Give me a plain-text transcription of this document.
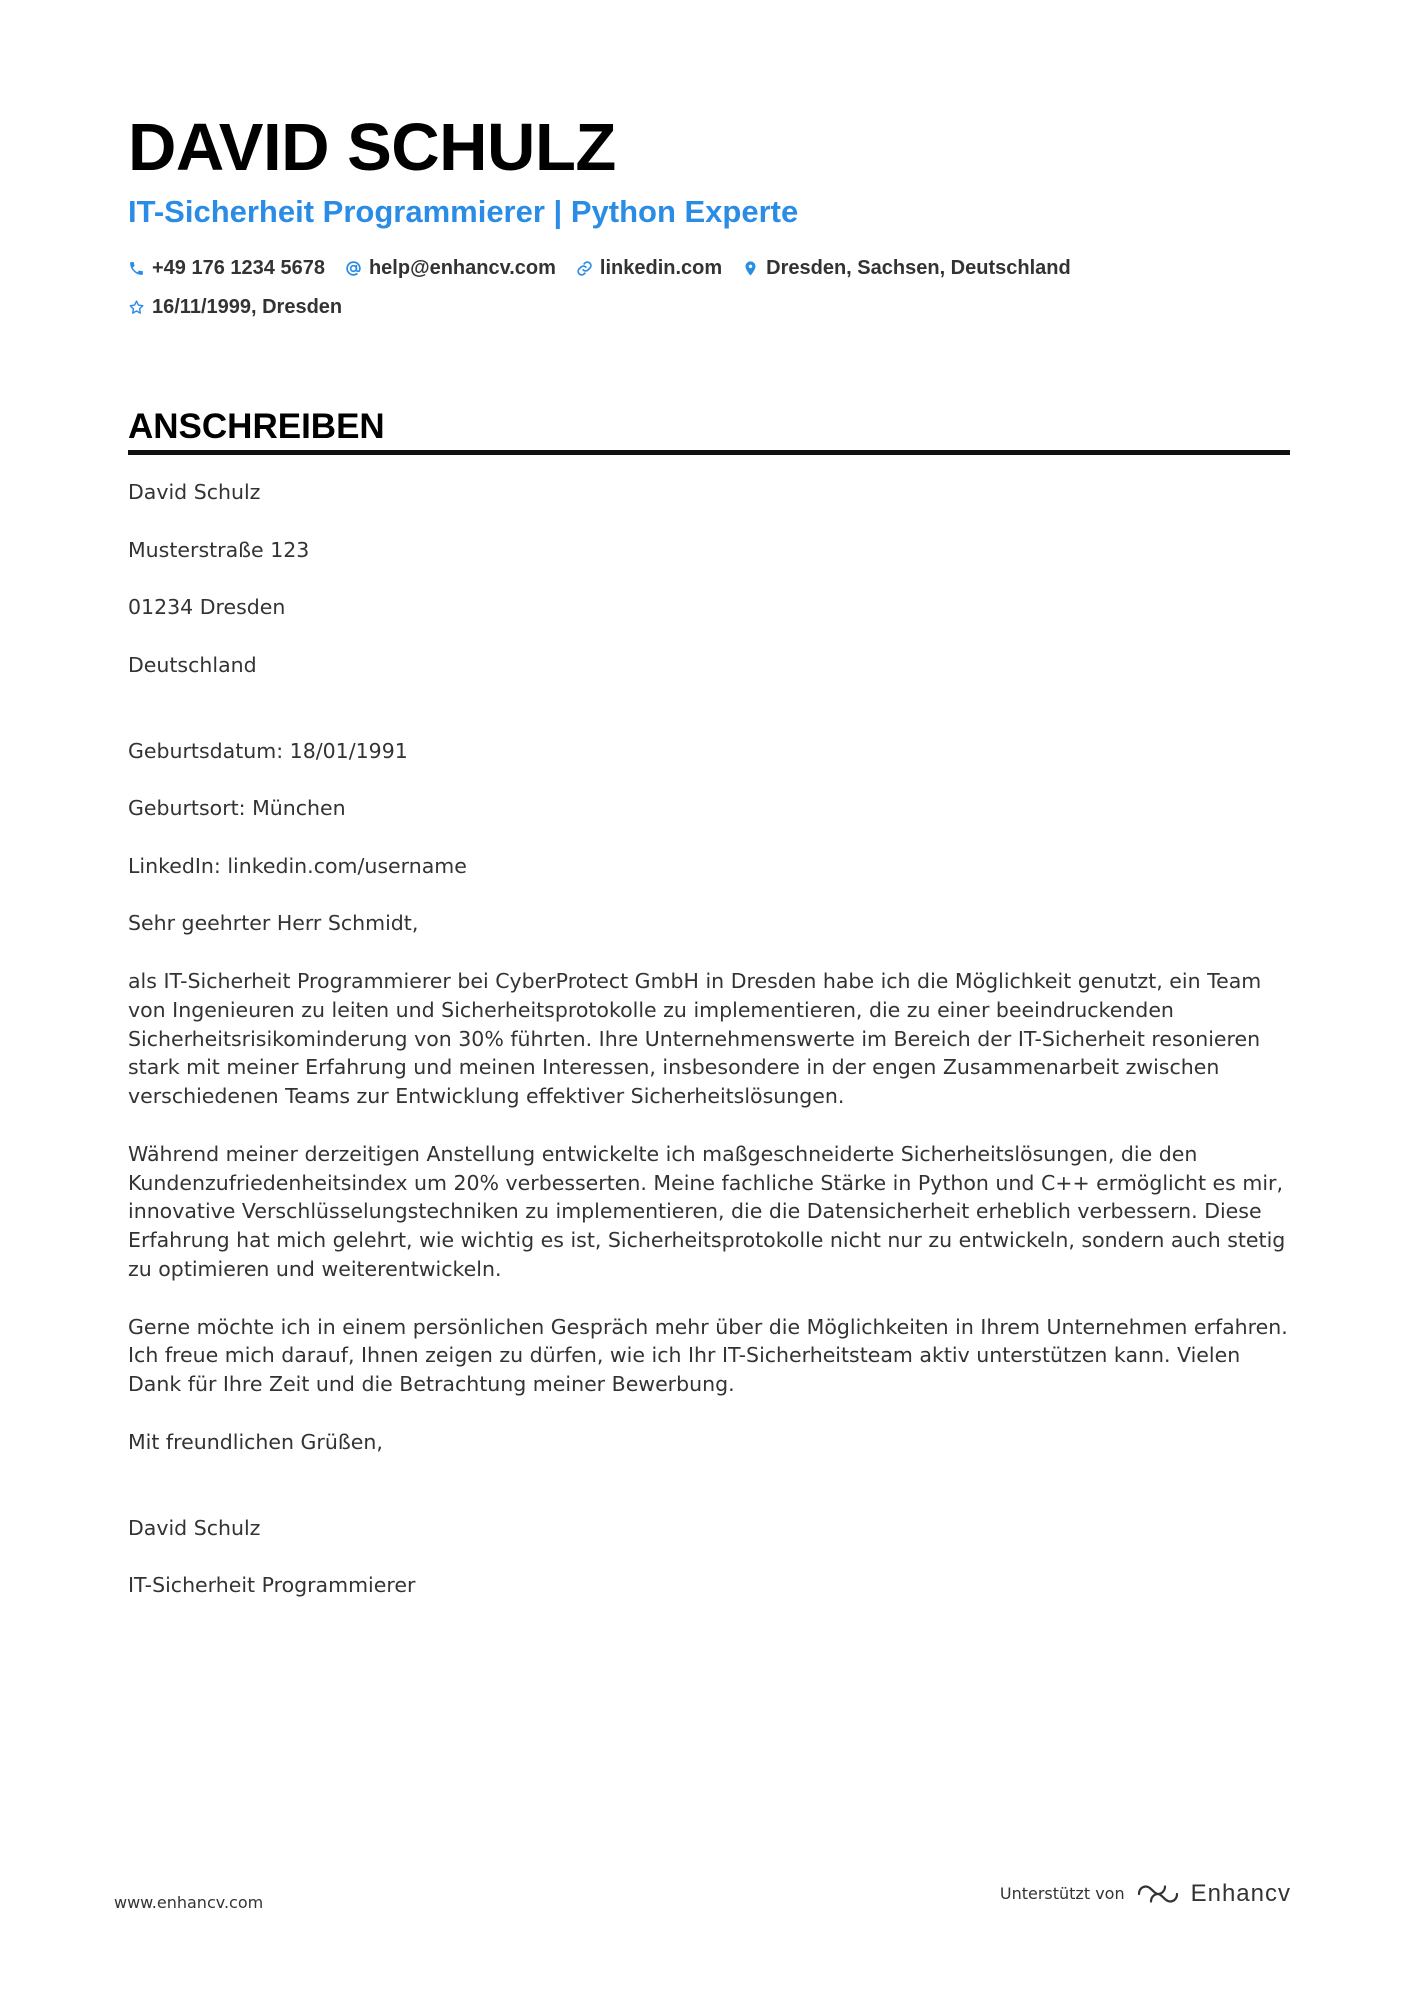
DAVID SCHULZ
IT-Sicherheit Programmierer | Python Experte
+49 176 1234 5678 help@enhancv.com linkedin.com Dresden, Sachsen, Deutschland
16/11/1999, Dresden
ANSCHREIBEN

David Schulz

Musterstraße 123

01234 Dresden

Deutschland

Geburtsdatum: 18/01/1991

Geburtsort: München

LinkedIn: linkedin.com/username

Sehr geehrter Herr Schmidt,

als IT-Sicherheit Programmierer bei CyberProtect GmbH in Dresden habe ich die Möglichkeit genutzt, ein Team von Ingenieuren zu leiten und Sicherheitsprotokolle zu implementieren, die zu einer beeindruckenden Sicherheitsrisikominderung von 30% führten. Ihre Unternehmenswerte im Bereich der IT-Sicherheit resonieren stark mit meiner Erfahrung und meinen Interessen, insbesondere in der engen Zusammenarbeit zwischen verschiedenen Teams zur Entwicklung effektiver Sicherheitslösungen.

Während meiner derzeitigen Anstellung entwickelte ich maßgeschneiderte Sicherheitslösungen, die den Kundenzufriedenheitsindex um 20% verbesserten. Meine fachliche Stärke in Python und C++ ermöglicht es mir, innovative Verschlüsselungstechniken zu implementieren, die die Datensicherheit erheblich verbessern. Diese Erfahrung hat mich gelehrt, wie wichtig es ist, Sicherheitsprotokolle nicht nur zu entwickeln, sondern auch stetig zu optimieren und weiterentwickeln.

Gerne möchte ich in einem persönlichen Gespräch mehr über die Möglichkeiten in Ihrem Unternehmen erfahren. Ich freue mich darauf, Ihnen zeigen zu dürfen, wie ich Ihr IT-Sicherheitsteam aktiv unterstützen kann. Vielen Dank für Ihre Zeit und die Betrachtung meiner Bewerbung.

Mit freundlichen Grüßen,

David Schulz

IT-Sicherheit Programmierer

www.enhancv.com	Unterstützt von	Enhancv
